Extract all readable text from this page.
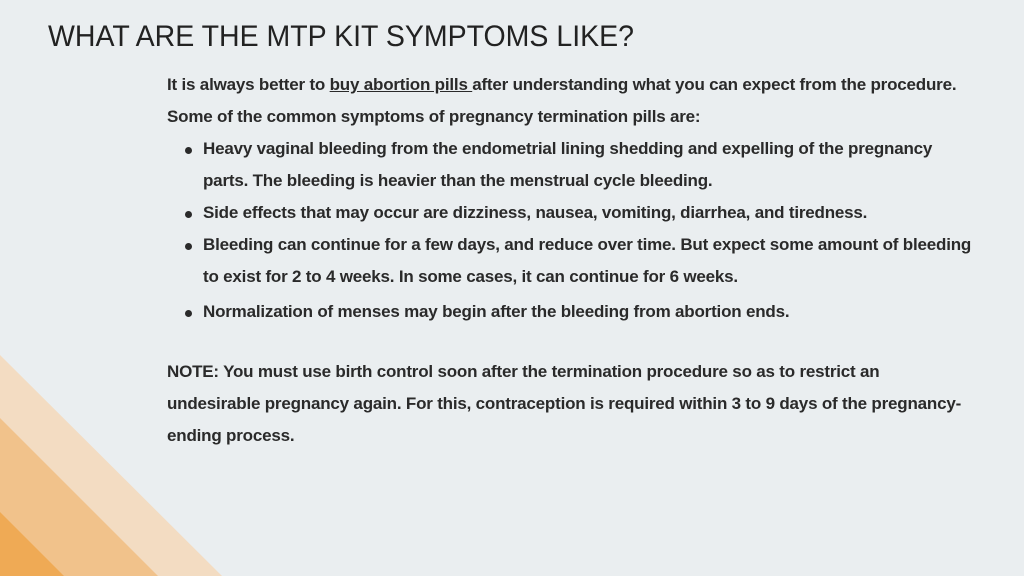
WHAT ARE THE MTP KIT SYMPTOMS LIKE?

It is always better to buy abortion pills after understanding what you can expect from the procedure. Some of the common symptoms of pregnancy termination pills are:

Heavy vaginal bleeding from the endometrial lining shedding and expelling of the pregnancy parts. The bleeding is heavier than the menstrual cycle bleeding.
Side effects that may occur are dizziness, nausea, vomiting, diarrhea, and tiredness.
Bleeding can continue for a few days, and reduce over time. But expect some amount of bleeding to exist for 2 to 4 weeks. In some cases, it can continue for 6 weeks.
Normalization of menses may begin after the bleeding from abortion ends.

NOTE: You must use birth control soon after the termination procedure so as to restrict an undesirable pregnancy again. For this, contraception is required within 3 to 9 days of the pregnancy-ending process.
